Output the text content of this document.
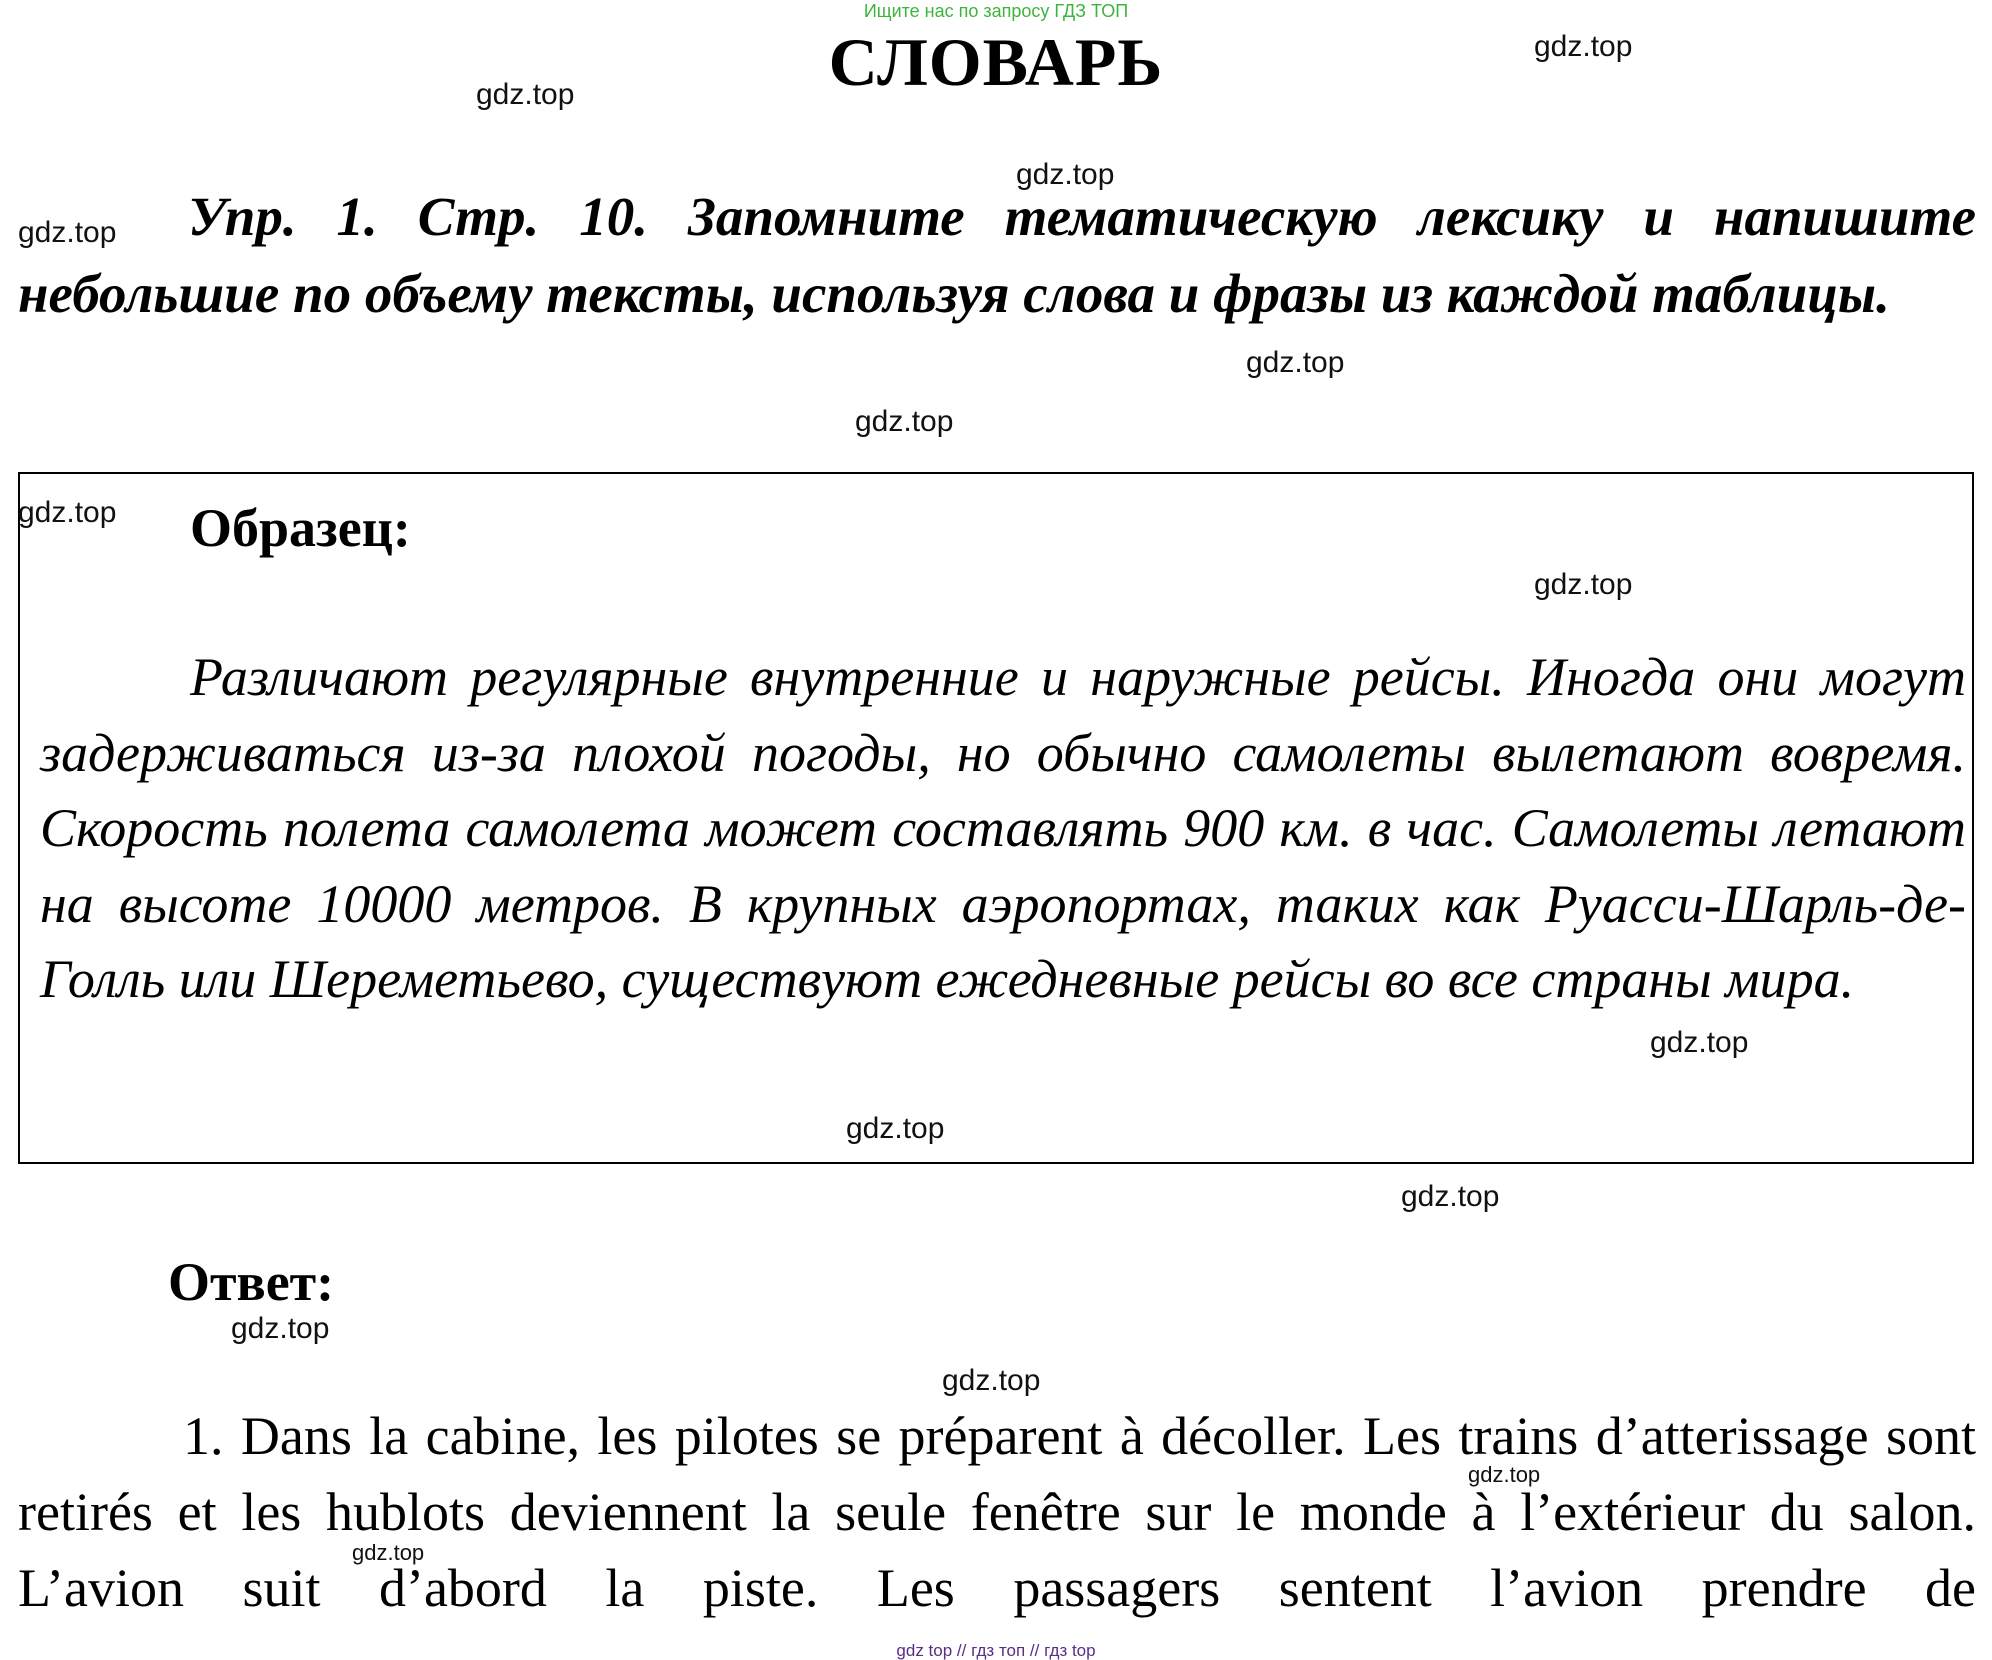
Ищите нас по запросу ГДЗ ТОП
СЛОВАРЬ
Упр. 1. Стр. 10. Запомните тематическую лексику и напишите небольшие по объему тексты, используя слова и фразы из каждой таблицы.
Образец:
Различают регулярные внутренние и наружные рейсы. Иногда они могут задерживаться из-за плохой погоды, но обычно самолеты вылетают вовремя. Скорость полета самолета может составлять 900 км. в час. Самолеты летают на высоте 10000 метров. В крупных аэропортах, таких как Руасси-Шарль-де-Голль или Шереметьево, существуют ежедневные рейсы во все страны мира.
Ответ:
1. Dans la cabine, les pilotes se préparent à décoller. Les trains d’atterissage sont retirés et les hublots deviennent la seule fenêtre sur le monde à l’extérieur du salon. L’avion suit d’abord la piste. Les passagers sentent l’avion prendre de
gdz.top
gdz.top
gdz.top
gdz.top
gdz.top
gdz.top
gdz.top
gdz.top
gdz.top
gdz.top
gdz.top
gdz.top
gdz.top
gdz.top
gdz.top
gdz top // гдз топ // гдз top
